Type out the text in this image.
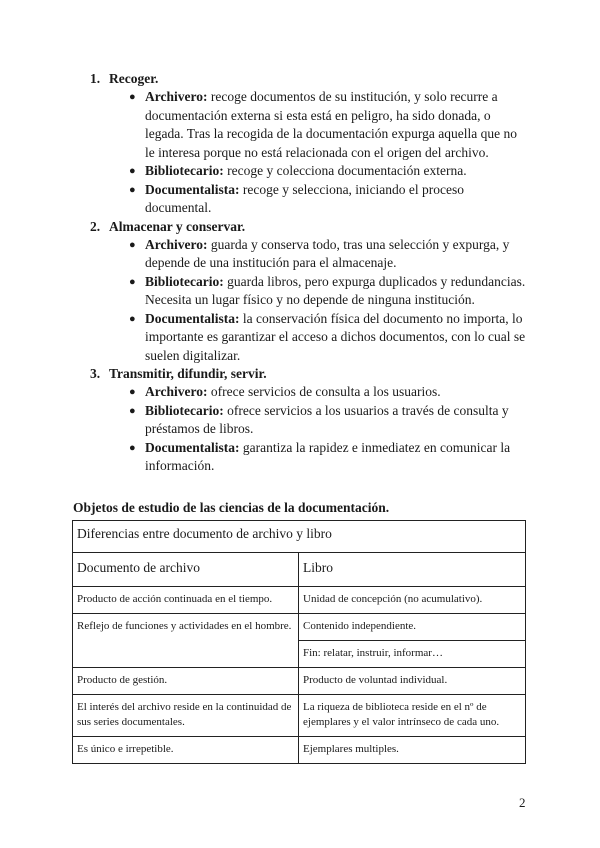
1. Recoger.
● Archivero: recoge documentos de su institución, y solo recurre a documentación externa si esta está en peligro, ha sido donada, o legada. Tras la recogida de la documentación expurga aquella que no le interesa porque no está relacionada con el origen del archivo.
● Bibliotecario: recoge y colecciona documentación externa.
● Documentalista: recoge y selecciona, iniciando el proceso documental.
2. Almacenar y conservar.
● Archivero: guarda y conserva todo, tras una selección y expurga, y depende de una institución para el almacenaje.
● Bibliotecario: guarda libros, pero expurga duplicados y redundancias. Necesita un lugar físico y no depende de ninguna institución.
● Documentalista: la conservación física del documento no importa, lo importante es garantizar el acceso a dichos documentos, con lo cual se suelen digitalizar.
3. Transmitir, difundir, servir.
● Archivero: ofrece servicios de consulta a los usuarios.
● Bibliotecario: ofrece servicios a los usuarios a través de consulta y préstamos de libros.
● Documentalista: garantiza la rapidez e inmediatez en comunicar la información.
Objetos de estudio de las ciencias de la documentación.
Diferencias entre documento de archivo y libro	
Documento de archivo	Libro
Producto de acción continuada en el tiempo.	Unidad de concepción (no acumulativo).
Reflejo de funciones y actividades en el hombre.	Contenido independiente.
	Fin: relatar, instruir, informar…
Producto de gestión.	Producto de voluntad individual.
El interés del archivo reside en la continuidad de sus series documentales.	La riqueza de biblioteca reside en el nº de ejemplares y el valor intrínseco de cada uno.
Es único e irrepetible.	Ejemplares multiples.
2
